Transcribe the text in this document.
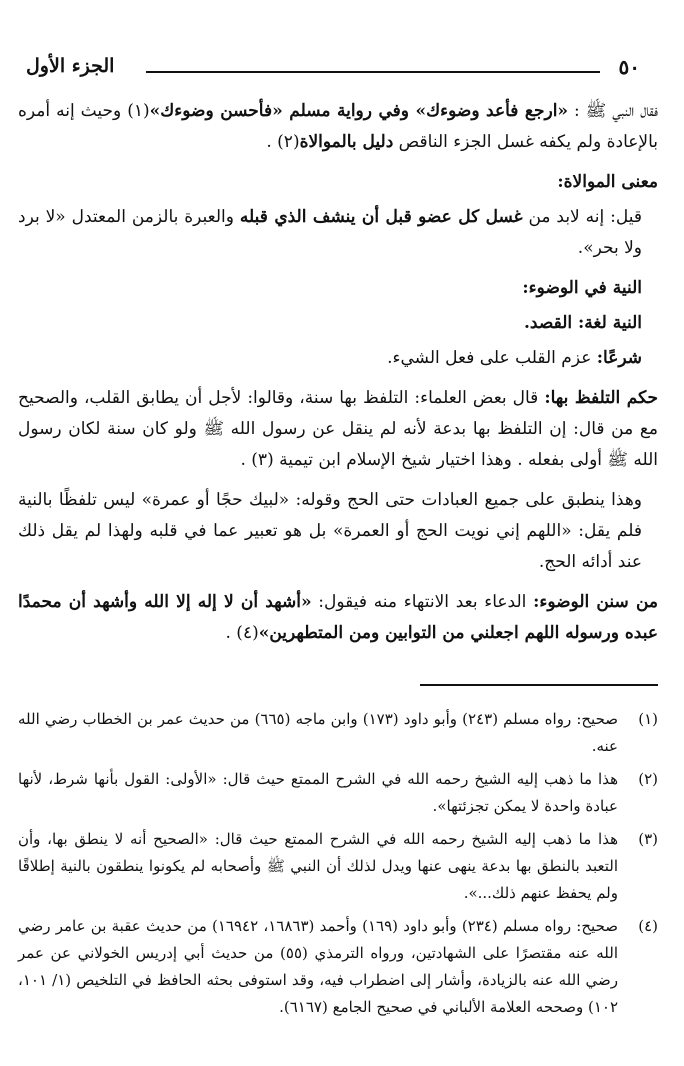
٥٠
الجزء الأول

فقال النبي ﷺ : «ارجع فأعد وضوءك» وفي رواية مسلم «فأحسن وضوءك»(١) وحيث إنه أمره بالإعادة ولم يكفه غسل الجزء الناقص دليل بالموالاة(٢) .

معنى الموالاة:

قيل: إنه لابد من غسل كل عضو قبل أن ينشف الذي قبله والعبرة بالزمن المعتدل «لا برد ولا بحر».

النية في الوضوء:

النية لغة: القصد.

شرعًا: عزم القلب على فعل الشيء.

حكم التلفظ بها: قال بعض العلماء: التلفظ بها سنة، وقالوا: لأجل أن يطابق القلب، والصحيح مع من قال: إن التلفظ بها بدعة لأنه لم ينقل عن رسول الله ﷺ ولو كان سنة لكان رسول الله ﷺ أولى بفعله . وهذا اختيار شيخ الإسلام ابن تيمية (٣) .

وهذا ينطبق على جميع العبادات حتى الحج وقوله: «لبيك حجًا أو عمرة» ليس تلفظًا بالنية فلم يقل: «اللهم إني نويت الحج أو العمرة» بل هو تعبير عما في قلبه ولهذا لم يقل ذلك عند أدائه الحج.

من سنن الوضوء: الدعاء بعد الانتهاء منه فيقول: «أشهد أن لا إله إلا الله وأشهد أن محمدًا عبده ورسوله اللهم اجعلني من التوابين ومن المتطهرين»(٤) .

(١)
صحيح: رواه مسلم (٢٤٣) وأبو داود (١٧٣) وابن ماجه (٦٦٥) من حديث عمر بن الخطاب رضي الله عنه.
(٢)
هذا ما ذهب إليه الشيخ رحمه الله في الشرح الممتع حيث قال: «الأولى: القول بأنها شرط، لأنها عبادة واحدة لا يمكن تجزئتها».
(٣)
هذا ما ذهب إليه الشيخ رحمه الله في الشرح الممتع حيث قال: «الصحيح أنه لا ينطق بها، وأن التعبد بالنطق بها بدعة ينهى عنها ويدل لذلك أن النبي ﷺ وأصحابه لم يكونوا ينطقون بالنية إطلاقًا ولم يحفظ عنهم ذلك...».
(٤)
صحيح: رواه مسلم (٢٣٤) وأبو داود (١٦٩) وأحمد (١٦٨٦٣، ١٦٩٤٢) من حديث عقبة بن عامر رضي الله عنه مقتصرًا على الشهادتين، ورواه الترمذي (٥٥) من حديث أبي إدريس الخولاني عن عمر رضي الله عنه بالزيادة، وأشار إلى اضطراب فيه، وقد استوفى بحثه الحافظ في التلخيص (١/ ١٠١، ١٠٢) وصححه العلامة الألباني في صحيح الجامع (٦١٦٧).
